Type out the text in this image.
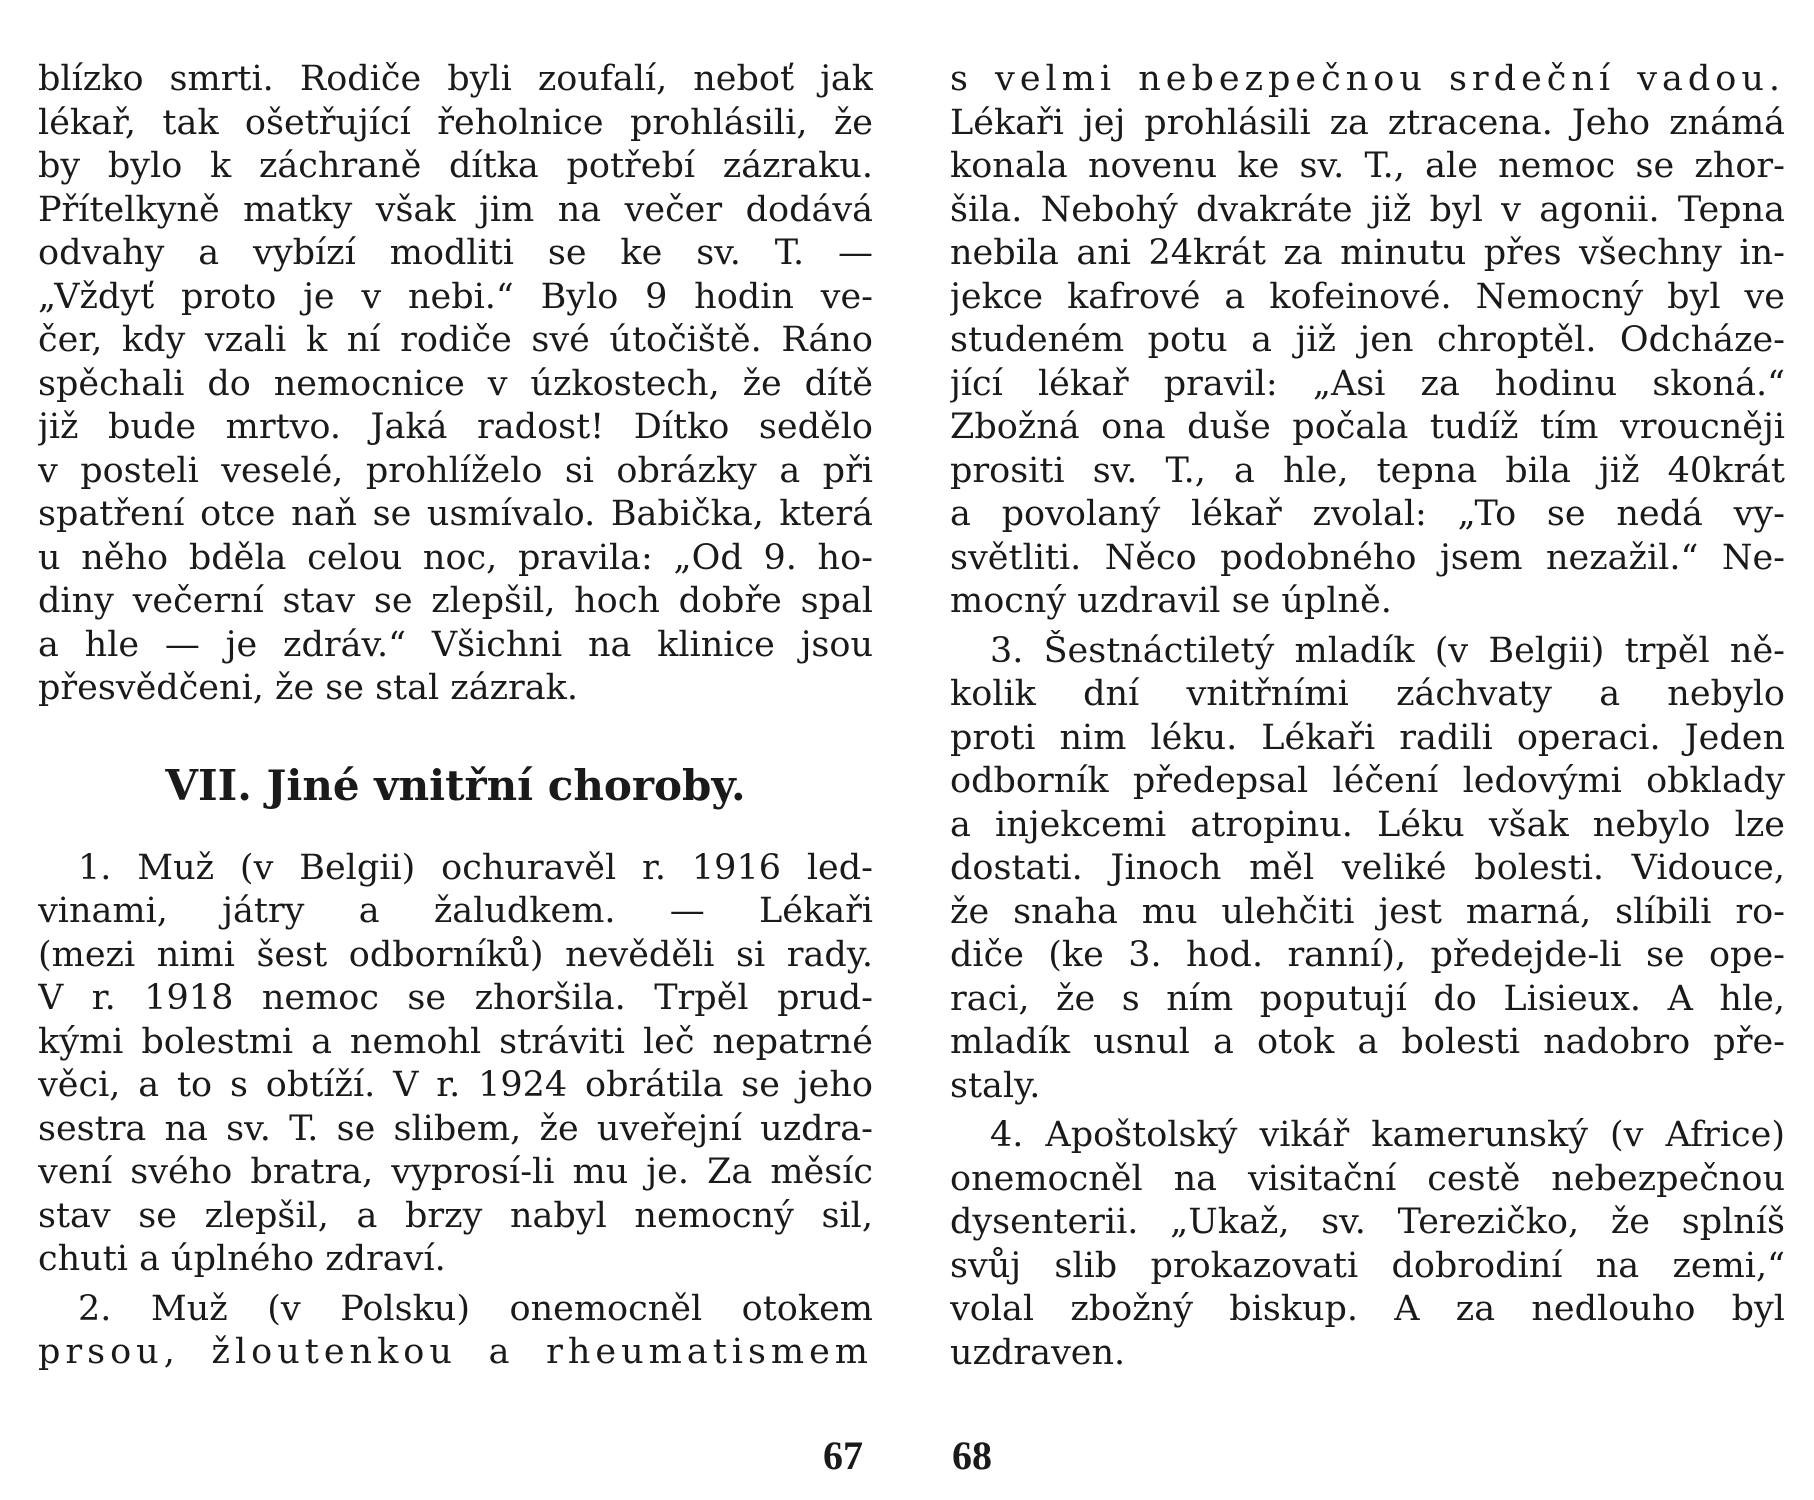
blízko smrti. Rodiče byli zoufalí, neboť jak
lékař, tak ošetřující řeholnice prohlásili, že
by bylo k záchraně dítka potřebí zázraku.
Přítelkyně matky však jim na večer dodává
odvahy a vybízí modliti se ke sv. T. —
„Vždyť proto je v nebi.“ Bylo 9 hodin ve-
čer, kdy vzali k ní rodiče své útočiště. Ráno
spěchali do nemocnice v úzkostech, že dítě
již bude mrtvo. Jaká radost! Dítko sedělo
v posteli veselé, prohlíželo si obrázky a při
spatření otce naň se usmívalo. Babička, která
u něho bděla celou noc, pravila: „Od 9. ho-
diny večerní stav se zlepšil, hoch dobře spal
a hle — je zdráv.“ Všichni na klinice jsou
přesvědčeni, že se stal zázrak.
VII. Jiné vnitřní choroby.
1. Muž (v Belgii) ochuravěl r. 1916 led-
vinami, játry a žaludkem. — Lékaři
(mezi nimi šest odborníků) nevěděli si rady.
V r. 1918 nemoc se zhoršila. Trpěl prud-
kými bolestmi a nemohl stráviti leč nepatrné
věci, a to s obtíží. V r. 1924 obrátila se jeho
sestra na sv. T. se slibem, že uveřejní uzdra-
vení svého bratra, vyprosí-li mu je. Za měsíc
stav se zlepšil, a brzy nabyl nemocný sil,
chuti a úplného zdraví.
2. Muž (v Polsku) onemocněl otokem
prsou, žloutenkou a rheumatismem
67
s velmi nebezpečnou srdeční vadou.
Lékaři jej prohlásili za ztracena. Jeho známá
konala novenu ke sv. T., ale nemoc se zhor-
šila. Nebohý dvakráte již byl v agonii. Tepna
nebila ani 24krát za minutu přes všechny in-
jekce kafrové a kofeinové. Nemocný byl ve
studeném potu a již jen chroptěl. Odcháze-
jící lékař pravil: „Asi za hodinu skoná.“
Zbožná ona duše počala tudíž tím vroucněji
prositi sv. T., a hle, tepna bila již 40krát
a povolaný lékař zvolal: „To se nedá vy-
světliti. Něco podobného jsem nezažil.“ Ne-
mocný uzdravil se úplně.
3. Šestnáctiletý mladík (v Belgii) trpěl ně-
kolik dní vnitřními záchvaty a nebylo
proti nim léku. Lékaři radili operaci. Jeden
odborník předepsal léčení ledovými obklady
a injekcemi atropinu. Léku však nebylo lze
dostati. Jinoch měl veliké bolesti. Vidouce,
že snaha mu ulehčiti jest marná, slíbili ro-
diče (ke 3. hod. ranní), předejde-li se ope-
raci, že s ním poputují do Lisieux. A hle,
mladík usnul a otok a bolesti nadobro pře-
staly.
4. Apoštolský vikář kamerunský (v Africe)
onemocněl na visitační cestě nebezpečnou
dysenterii. „Ukaž, sv. Terezičko, že splníš
svůj slib prokazovati dobrodiní na zemi,“
volal zbožný biskup. A za nedlouho byl
uzdraven.
68
